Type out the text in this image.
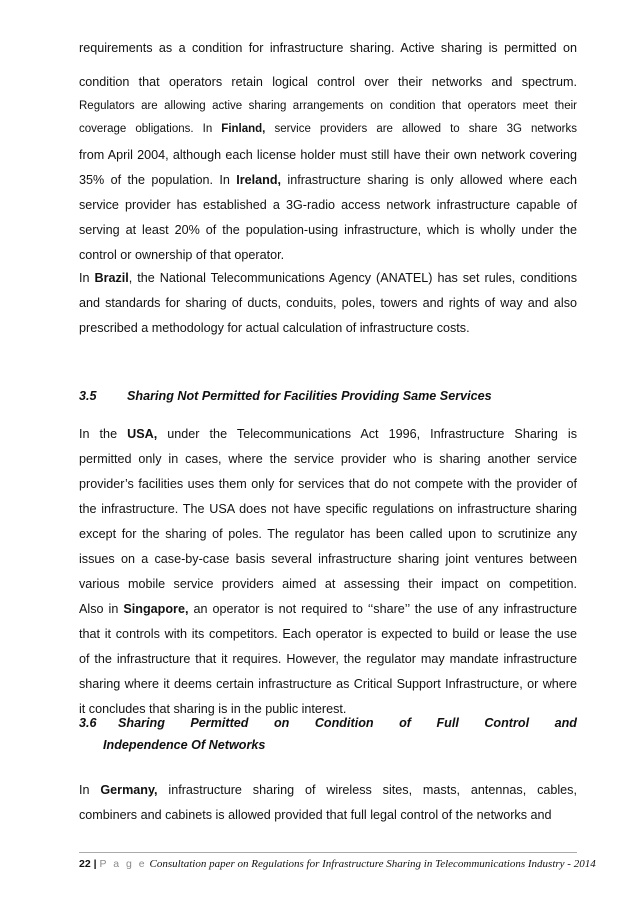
requirements as a condition for infrastructure sharing. Active sharing is permitted on
condition that operators retain logical control over their networks and spectrum.
Regulators are allowing active sharing arrangements on condition that operators meet their
coverage obligations. In Finland, service providers are allowed to share 3G networks
from April 2004, although each license holder must still have their own network covering
35% of the population. In Ireland, infrastructure sharing is only allowed where each
service provider has established a 3G-radio access network infrastructure capable of
serving at least 20% of the population-using infrastructure, which is wholly under the
control or ownership of that operator.
In Brazil, the National Telecommunications Agency (ANATEL) has set rules, conditions
and standards for sharing of ducts, conduits, poles, towers and rights of way and also
prescribed a methodology for actual calculation of infrastructure costs.
3.5 Sharing Not Permitted for Facilities Providing Same Services
In the USA, under the Telecommunications Act 1996, Infrastructure Sharing is
permitted only in cases, where the service provider who is sharing another service
provider’s facilities uses them only for services that do not compete with the provider of
the infrastructure. The USA does not have specific regulations on infrastructure sharing
except for the sharing of poles. The regulator has been called upon to scrutinize any
issues on a case-by-case basis several infrastructure sharing joint ventures between
various mobile service providers aimed at assessing their impact on competition.
Also in Singapore, an operator is not required to ‘‘share’’ the use of any infrastructure
that it controls with its competitors. Each operator is expected to build or lease the use
of the infrastructure that it requires. However, the regulator may mandate infrastructure
sharing where it deems certain infrastructure as Critical Support Infrastructure, or where
it concludes that sharing is in the public interest.
3.6 Sharing Permitted on Condition of Full Control and
Independence Of Networks
In Germany, infrastructure sharing of wireless sites, masts, antennas, cables,
combiners and cabinets is allowed provided that full legal control of the networks and
22 | P a g e Consultation paper on Regulations for Infrastructure Sharing in Telecommunications Industry - 2014
